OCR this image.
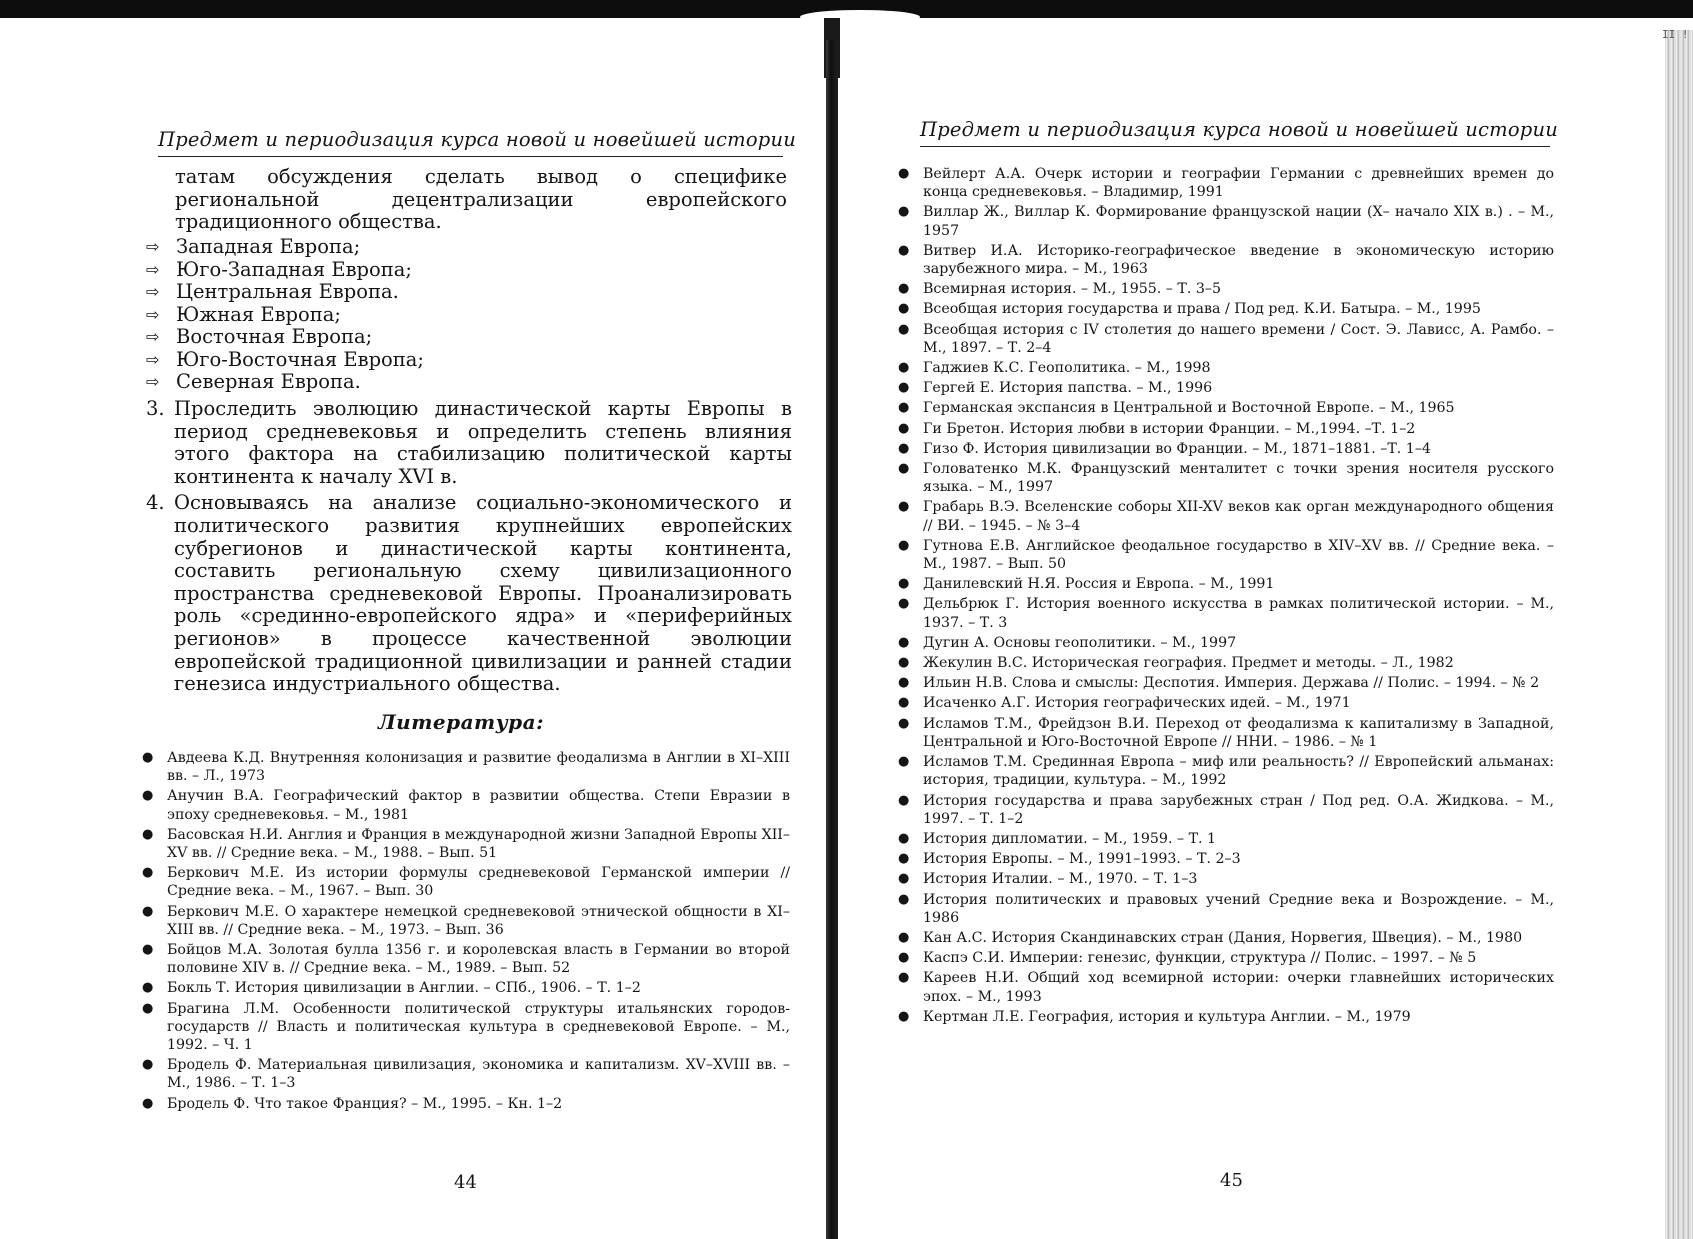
II !
Предмет и периодизация курса новой и новейшей истории
татам обсуждения сделать вывод о специфике региональной децентрализации европейского традиционного общества.
⇨ Западная Европа;
⇨ Юго-Западная Европа;
⇨ Центральная Европа.
⇨ Южная Европа;
⇨ Восточная Европа;
⇨ Юго-Восточная Европа;
⇨ Северная Европа.
3. Проследить эволюцию династической карты Европы в период средневековья и определить степень влияния этого фактора на стабилизацию политической карты континента к началу XVI в.
4. Основываясь на анализе социально-экономического и политического развития крупнейших европейских субрегионов и династической карты континента, составить региональную схему цивилизационного пространства средневековой Европы. Проанализировать роль «срединно-европейского ядра» и «периферийных регионов» в процессе качественной эволюции европейской традиционной цивилизации и ранней стадии генезиса индустриального общества.
Литература:
● Авдеева К.Д. Внутренняя колонизация и развитие феодализма в Англии в XI–XIII вв. – Л., 1973
● Анучин В.А. Географический фактор в развитии общества. Степи Евразии в эпоху средневековья. – М., 1981
● Басовская Н.И. Англия и Франция в международной жизни Западной Европы XII–XV вв. // Средние века. – М., 1988. – Вып. 51
● Беркович М.Е. Из истории формулы средневековой Германской империи // Средние века. – М., 1967. – Вып. 30
● Беркович М.Е. О характере немецкой средневековой этнической общности в XI–XIII вв. // Средние века. – М., 1973. – Вып. 36
● Бойцов М.А. Золотая булла 1356 г. и королевская власть в Германии во второй половине XIV в. // Средние века. – М., 1989. – Вып. 52
● Бокль Т. История цивилизации в Англии. – СПб., 1906. – Т. 1–2
● Брагина Л.М. Особенности политической структуры итальянских городов-государств // Власть и политическая культура в средневековой Европе. – М., 1992. – Ч. 1
● Бродель Ф. Материальная цивилизация, экономика и капитализм. XV–XVIII вв. – М., 1986. – Т. 1–3
● Бродель Ф. Что такое Франция? – М., 1995. – Кн. 1–2
44
Предмет и периодизация курса новой и новейшей истории
● Вейлерт А.А. Очерк истории и географии Германии с древнейших времен до конца средневековья. – Владимир, 1991
● Виллар Ж., Виллар К. Формирование французской нации (X– начало XIX в.) . – М., 1957
● Витвер И.А. Историко-географическое введение в экономическую историю зарубежного мира. – М., 1963
● Всемирная история. – М., 1955. – Т. 3–5
● Всеобщая история государства и права / Под ред. К.И. Батыра. – М., 1995
● Всеобщая история с IV столетия до нашего времени / Сост. Э. Лависс, А. Рамбо. – М., 1897. – Т. 2–4
● Гаджиев К.С. Геополитика. – М., 1998
● Гергей Е. История папства. – М., 1996
● Германская экспансия в Центральной и Восточной Европе. – М., 1965
● Ги Бретон. История любви в истории Франции. – М.,1994. –Т. 1–2
● Гизо Ф. История цивилизации во Франции. – М., 1871–1881. –Т. 1–4
● Головатенко М.К. Французский менталитет с точки зрения носителя русского языка. – М., 1997
● Грабарь В.Э. Вселенские соборы XII-XV веков как орган международного общения // ВИ. – 1945. – № 3–4
● Гутнова Е.В. Английское феодальное государство в XIV–XV вв. // Средние века. – М., 1987. – Вып. 50
● Данилевский Н.Я. Россия и Европа. – М., 1991
● Дельбрюк Г. История военного искусства в рамках политической истории. – М., 1937. – Т. 3
● Дугин А. Основы геополитики. – М., 1997
● Жекулин В.С. Историческая география. Предмет и методы. – Л., 1982
● Ильин Н.В. Слова и смыслы: Деспотия. Империя. Держава // Полис. – 1994. – № 2
● Исаченко А.Г. История географических идей. – М., 1971
● Исламов Т.М., Фрейдзон В.И. Переход от феодализма к капитализму в Западной, Центральной и Юго-Восточной Европе // ННИ. – 1986. – № 1
● Исламов Т.М. Срединная Европа – миф или реальность? // Европейский альманах: история, традиции, культура. – М., 1992
● История государства и права зарубежных стран / Под ред. О.А. Жидкова. – М., 1997. – Т. 1–2
● История дипломатии. – М., 1959. – Т. 1
● История Европы. – М., 1991–1993. – Т. 2–3
● История Италии. – М., 1970. – Т. 1–3
● История политических и правовых учений Средние века и Возрождение. – М., 1986
● Кан А.С. История Скандинавских стран (Дания, Норвегия, Швеция). – М., 1980
● Каспэ С.И. Империи: генезис, функции, структура // Полис. – 1997. – № 5
● Кареев Н.И. Общий ход всемирной истории: очерки главнейших исторических эпох. – М., 1993
● Кертман Л.Е. География, история и культура Англии. – М., 1979
45
